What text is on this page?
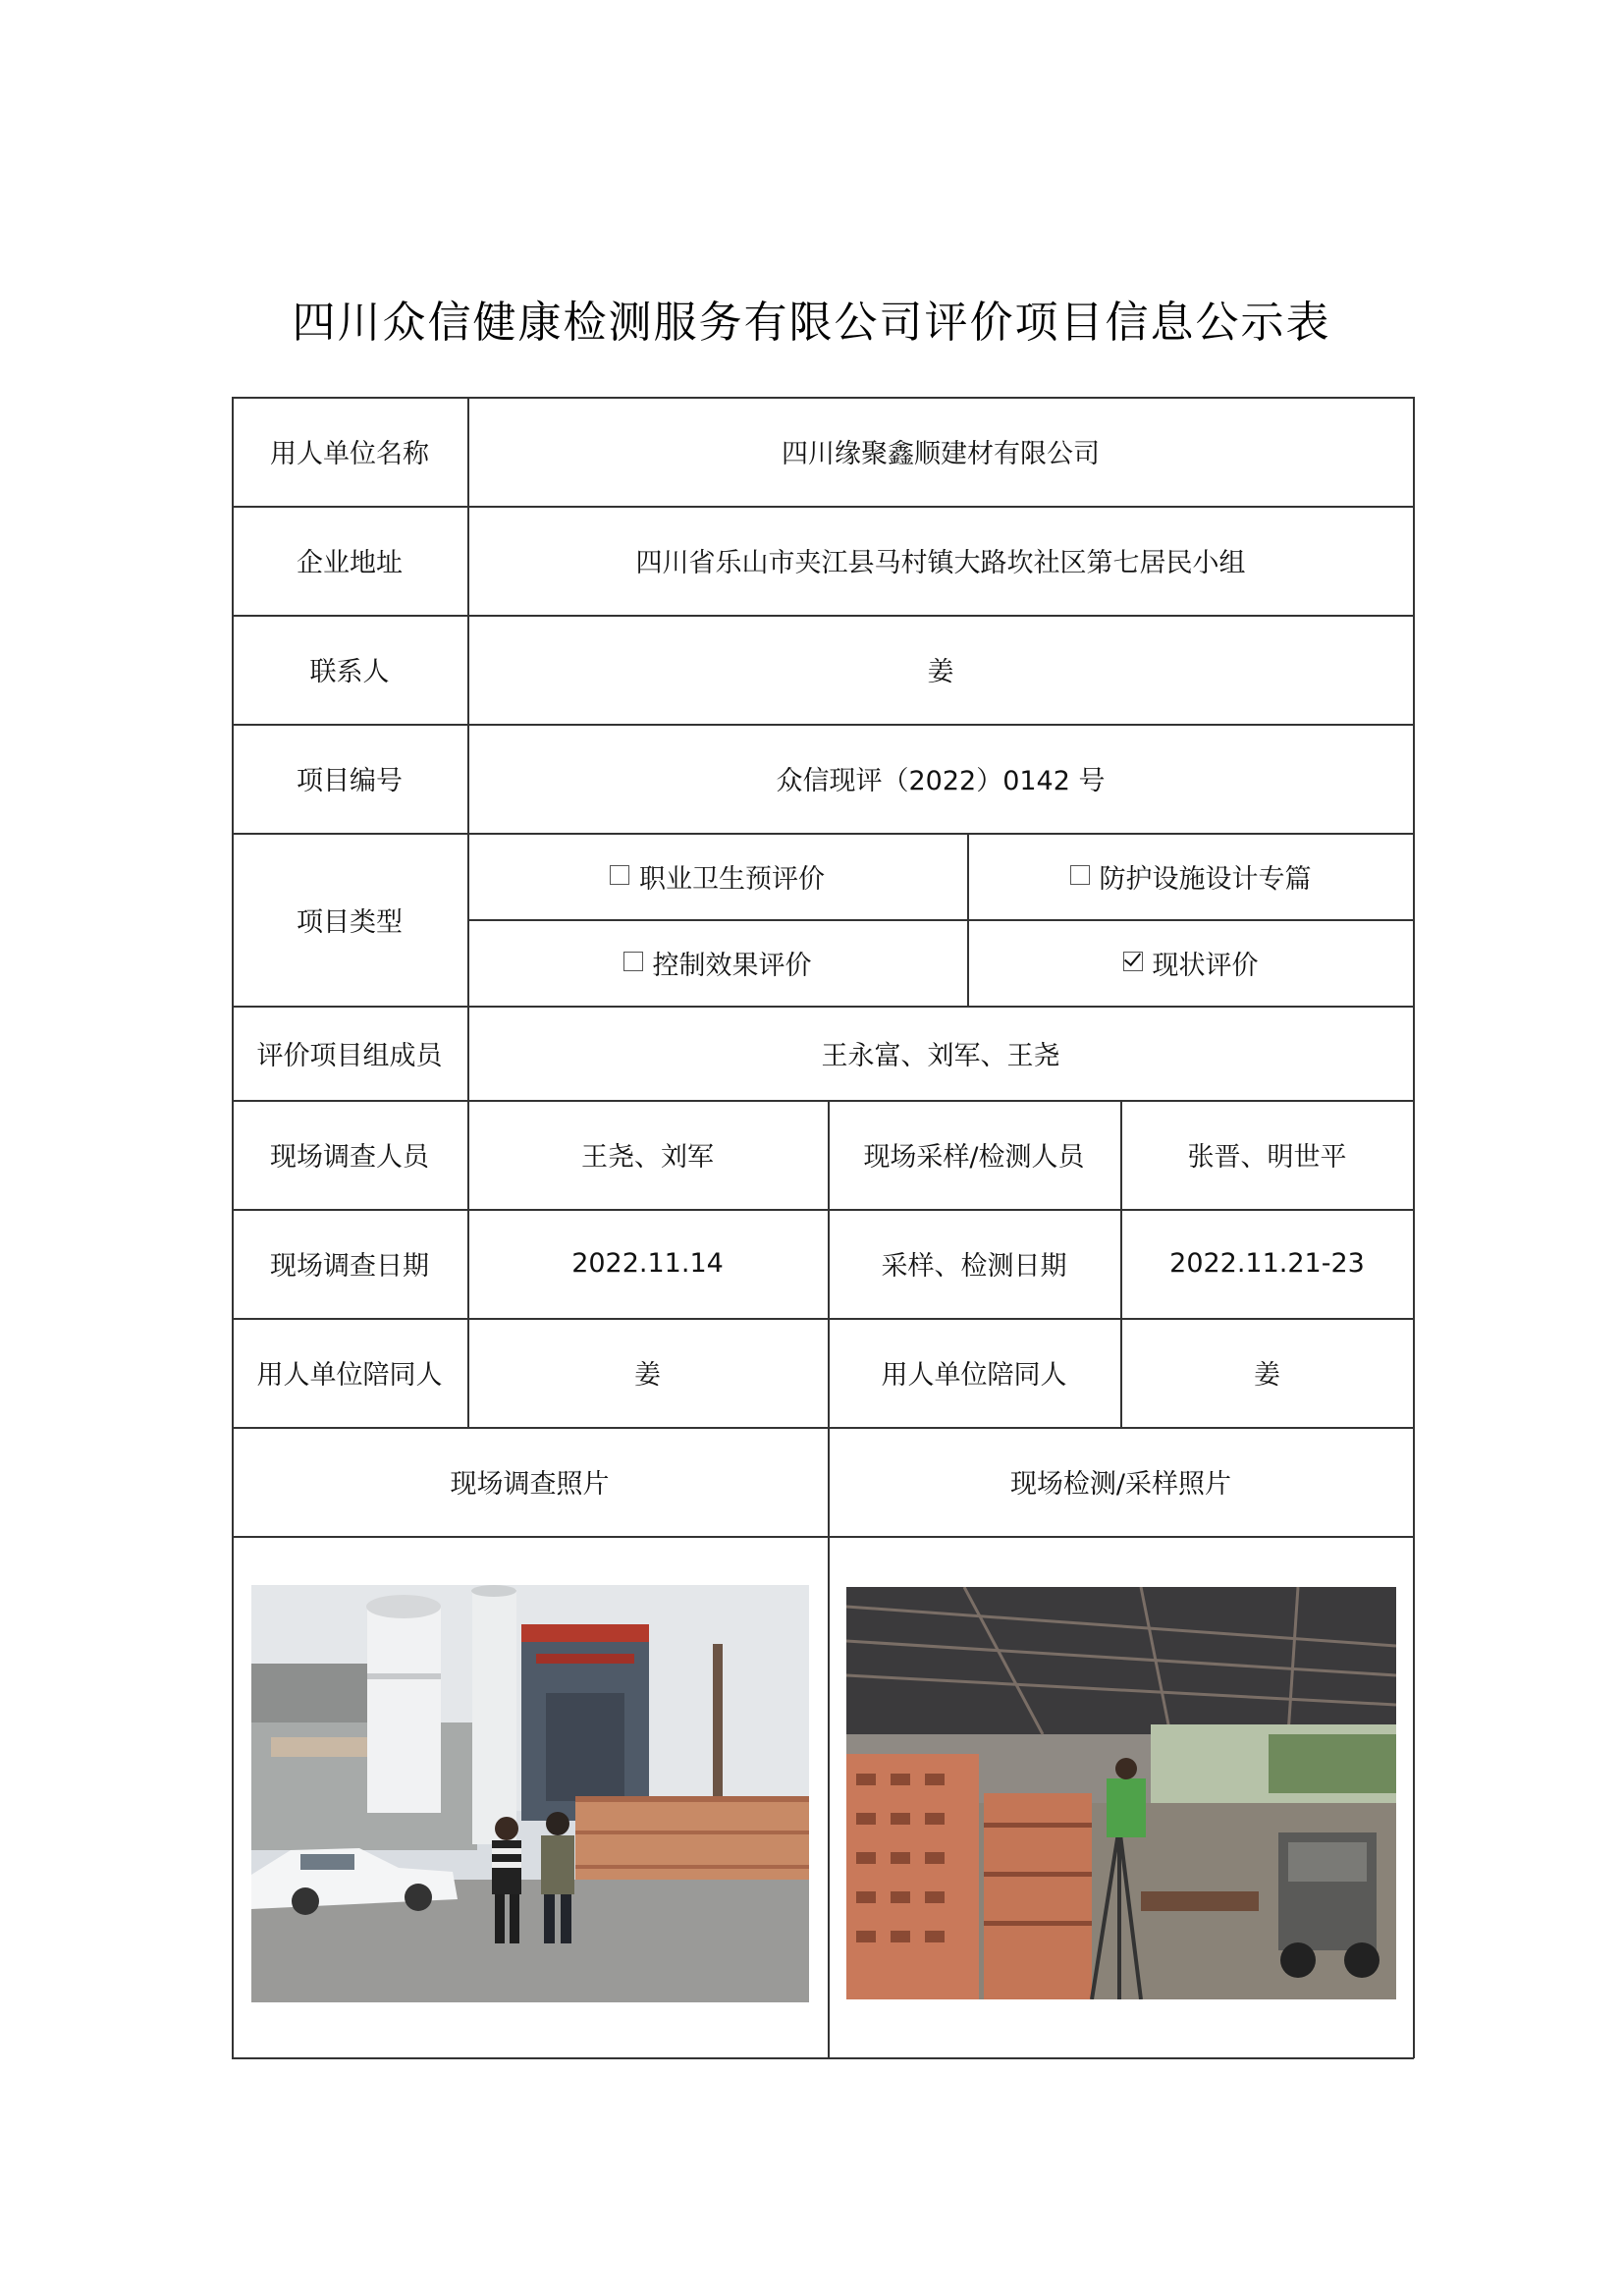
四川众信健康检测服务有限公司评价项目信息公示表
用人单位名称	四川缘聚鑫顺建材有限公司
企业地址	四川省乐山市夹江县马村镇大路坎社区第七居民小组
联系人	姜
项目编号	众信现评（2022）0142 号
项目类型
职业卫生预评价	防护设施设计专篇
控制效果评价	现状评价
评价项目组成员	王永富、刘军、王尧
现场调查人员	王尧、刘军	现场采样/检测人员	张晋、明世平
现场调查日期	2022.11.14	采样、检测日期	2022.11.21-23
用人单位陪同人	姜	用人单位陪同人	姜
现场调查照片	现场检测/采样照片
